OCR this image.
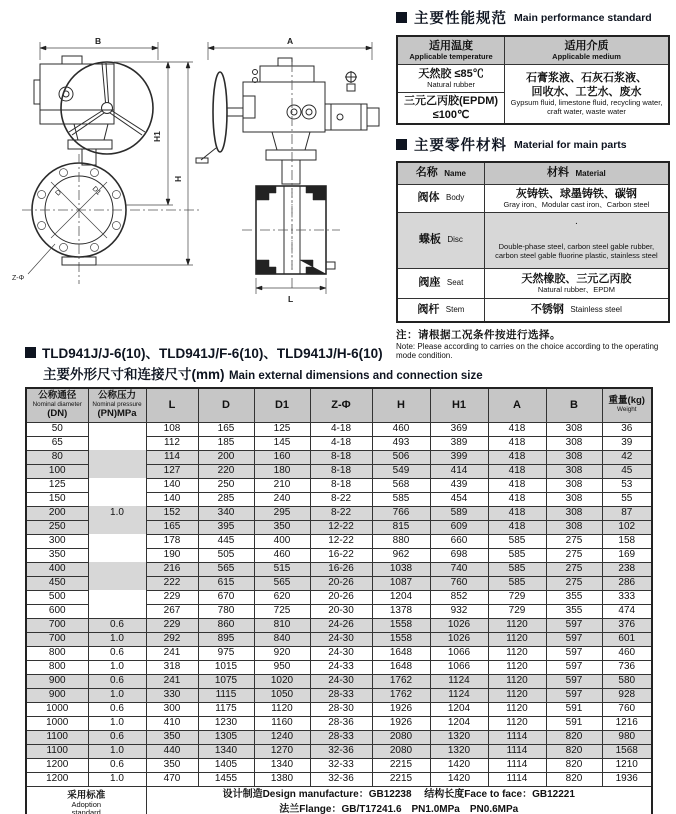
B
D	D1
Z-Φ
H1
H
A
L
主要性能规范 Main performance standard
适用温度
Applicable temperature	适用介质
Applicable medium

天然胶 ≤85℃
Natural rubber	石膏浆液、石灰石浆液、
回收水、工艺水、废水
Gypsum fluid, limestone fluid, recycling water, craft water, waste water

三元乙丙胶(EPDM)
≤100℃	
主要零件材料 Material for main parts
名称 Name	材料 Material
阀体 Body	灰铸铁、球墨铸铁、碳钢
Gray iron、Modular cast iron、Carbon steel

蝶板 Disc	·
Double-phase steel, carbon steel gable rubber, carbon steel gable fluorine plastic, stainless steel

阀座 Seat	天然橡胶、三元乙丙胶
Natural rubber、EPDM

阀杆 Stem	不锈钢 Stainless steel
注：请根据工况条件按进行选择。
Note: Please according to carries on the choice according to the operating mode condition.
TLD941J/J-6(10)、TLD941J/F-6(10)、TLD941J/H-6(10)
主要外形尺寸和连接尺寸(mm) Main external dimensions and connection size
公称通径
Nominal diameter
(DN)	公称压力
Nominal pressure
(PN)MPa	L	D	D1	Z-Φ	H	H1	A	B	重量(kg)
Weight

50		108	165	125	4-18	460	369	418	308	36
65		112	185	145	4-18	493	389	418	308	39
80		114	200	160	8-18	506	399	418	308	42
100		127	220	180	8-18	549	414	418	308	45
125		140	250	210	8-18	568	439	418	308	53
150		140	285	240	8-22	585	454	418	308	55
200	1.0	152	340	295	8-22	766	589	418	308	87
250		165	395	350	12-22	815	609	418	308	102
300		178	445	400	12-22	880	660	585	275	158
350		190	505	460	16-22	962	698	585	275	169
400		216	565	515	16-26	1038	740	585	275	238
450		222	615	565	20-26	1087	760	585	275	286
500		229	670	620	20-26	1204	852	729	355	333
600		267	780	725	20-30	1378	932	729	355	474
700	0.6	229	860	810	24-26	1558	1026	1120	597	376
700	1.0	292	895	840	24-30	1558	1026	1120	597	601
800	0.6	241	975	920	24-30	1648	1066	1120	597	460
800	1.0	318	1015	950	24-33	1648	1066	1120	597	736
900	0.6	241	1075	1020	24-30	1762	1124	1120	597	580
900	1.0	330	1115	1050	28-33	1762	1124	1120	597	928
1000	0.6	300	1175	1120	28-30	1926	1204	1120	591	760
1000	1.0	410	1230	1160	28-36	1926	1204	1120	591	1216
1100	0.6	350	1305	1240	28-33	2080	1320	1114	820	980
1100	1.0	440	1340	1270	32-36	2080	1320	1114	820	1568
1200	0.6	350	1405	1340	32-33	2215	1420	1114	820	1210
1200	1.0	470	1455	1380	32-36	2215	1420	1114	820	1936

采用标准
Adoption
standard		设计制造Design manufacture：GB12238　 结构长度Face to face：GB12221
法兰Flange：GB/T17241.6　PN1.0MPa　PN0.6MPa								
